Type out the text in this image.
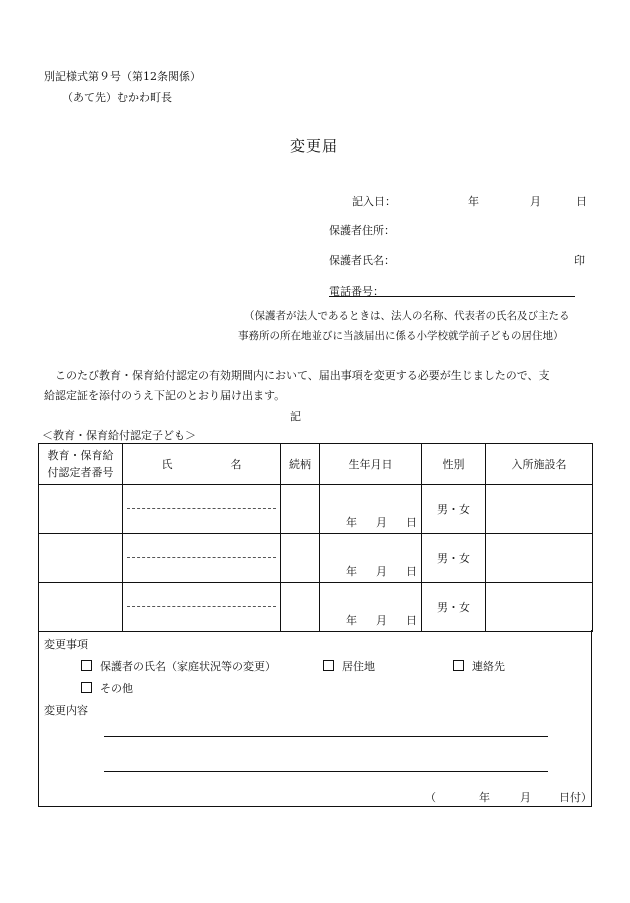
別記様式第９号（第12条関係）
（あて先）むかわ町長
変更届
記入日：	年	月	日
保護者住所：
保護者氏名：	印
電話番号：
（保護者が法人であるときは、法人の名称、代表者の氏名及び主たる
事務所の所在地並びに当該届出に係る小学校就学前子どもの居住地）
　このたび教育・保育給付認定の有効期間内において、届出事項を変更する必要が生じましたので、支
給認定証を添付のうえ下記のとおり届け出ます。
記
＜教育・保育給付認定子ども＞
教育・保育給
付認定者番号	氏 名	続柄	生年月日	性別	入所施設名

			年 月 日	男・女	

			年 月 日	男・女	

			年 月 日	男・女	
変更事項
保護者の氏名（家庭状況等の変更）	居住地	連絡先
その他
変更内容
（	年	月	日付）
